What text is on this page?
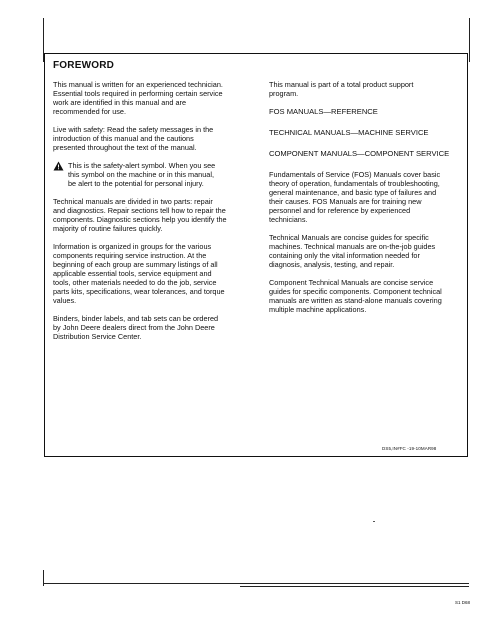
FOREWORD

This manual is written for an experienced technician.
Essential tools required in performing certain service
work are identified in this manual and are
recommended for use.

Live with safety: Read the safety messages in the
introduction of this manual and the cautions
presented throughout the text of the manual.

This is the safety-alert symbol. When you see
this symbol on the machine or in this manual,
be alert to the potential for personal injury.

Technical manuals are divided in two parts: repair
and diagnostics. Repair sections tell how to repair the
components. Diagnostic sections help you identify the
majority of routine failures quickly.

Information is organized in groups for the various
components requiring service instruction. At the
beginning of each group are summary listings of all
applicable essential tools, service equipment and
tools, other materials needed to do the job, service
parts kits, specifications, wear tolerances, and torque
values.

Binders, binder labels, and tab sets can be ordered
by John Deere dealers direct from the John Deere
Distribution Service Center.

This manual is part of a total product support
program.

FOS MANUALS—REFERENCE

TECHNICAL MANUALS—MACHINE SERVICE

COMPONENT MANUALS—COMPONENT SERVICE

Fundamentals of Service (FOS) Manuals cover basic
theory of operation, fundamentals of troubleshooting,
general maintenance, and basic type of failures and
their causes. FOS Manuals are for training new
personnel and for reference by experienced
technicians.

Technical Manuals are concise guides for specific
machines. Technical manuals are on-the-job guides
containing only the vital information needed for
diagnosis, analysis, testing, and repair.

Component Technical Manuals are concise service
guides for specific components. Component technical
manuals are written as stand-alone manuals covering
multiple machine applications.

DS5,IN#FC -19-10MAR98
S1 D68
